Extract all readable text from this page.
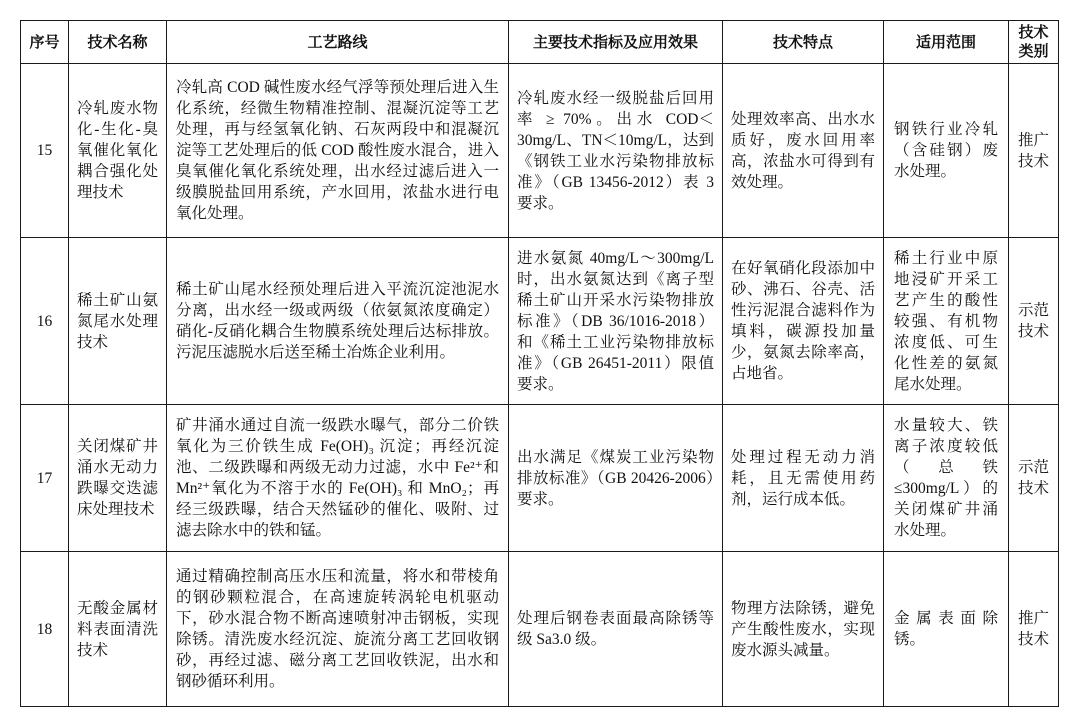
序号	技术名称	工艺路线	主要技术指标及应用效果	技术特点	适用范围	技术类别
15	冷轧废水物化-生化-臭氧催化氧化耦合强化处理技术	冷轧高 COD 碱性废水经气浮等预处理后进入生化系统，经微生物精准控制、混凝沉淀等工艺处理，再与经氢氧化钠、石灰两段中和混凝沉淀等工艺处理后的低 COD 酸性废水混合，进入臭氧催化氧化系统处理，出水经过滤后进入一级膜脱盐回用系统，产水回用，浓盐水进行电氧化处理。	冷轧废水经一级脱盐后回用率 ≥ 70%。出水 COD＜30mg/L、TN＜10mg/L，达到《钢铁工业水污染物排放标准》（GB 13456-2012）表 3 要求。	处理效率高、出水水质好，废水回用率高，浓盐水可得到有效处理。	钢铁行业冷轧（含硅钢）废水处理。	推广技术
16	稀土矿山氨氮尾水处理技术	稀土矿山尾水经预处理后进入平流沉淀池泥水分离，出水经一级或两级（依氨氮浓度确定）硝化-反硝化耦合生物膜系统处理后达标排放。污泥压滤脱水后送至稀土冶炼企业利用。	进水氨氮 40mg/L～300mg/L 时，出水氨氮达到《离子型稀土矿山开采水污染物排放标准》（DB 36/1016-2018）和《稀土工业污染物排放标准》（GB 26451-2011）限值要求。	在好氧硝化段添加中砂、沸石、谷壳、活性污泥混合滤料作为填料，碳源投加量少，氨氮去除率高，占地省。	稀土行业中原地浸矿开采工艺产生的酸性较强、有机物浓度低、可生化性差的氨氮尾水处理。	示范技术
17	关闭煤矿井涌水无动力跌曝交迭滤床处理技术	矿井涌水通过自流一级跌水曝气，部分二价铁氧化为三价铁生成 Fe(OH)₃ 沉淀；再经沉淀池、二级跌曝和两级无动力过滤，水中 Fe²⁺和 Mn²⁺氧化为不溶于水的 Fe(OH)₃ 和 MnO₂；再经三级跌曝，结合天然锰砂的催化、吸附、过滤去除水中的铁和锰。	出水满足《煤炭工业污染物排放标准》（GB 20426-2006）要求。	处理过程无动力消耗，且无需使用药剂，运行成本低。	水量较大、铁离子浓度较低（总铁≤300mg/L）的关闭煤矿井涌水处理。	示范技术
18	无酸金属材料表面清洗技术	通过精确控制高压水压和流量，将水和带棱角的钢砂颗粒混合，在高速旋转涡轮电机驱动下，砂水混合物不断高速喷射冲击钢板，实现除锈。清洗废水经沉淀、旋流分离工艺回收钢砂，再经过滤、磁分离工艺回收铁泥，出水和钢砂循环利用。	处理后钢卷表面最高除锈等级 Sa3.0 级。	物理方法除锈，避免产生酸性废水，实现废水源头减量。	金属表面除锈。	推广技术
